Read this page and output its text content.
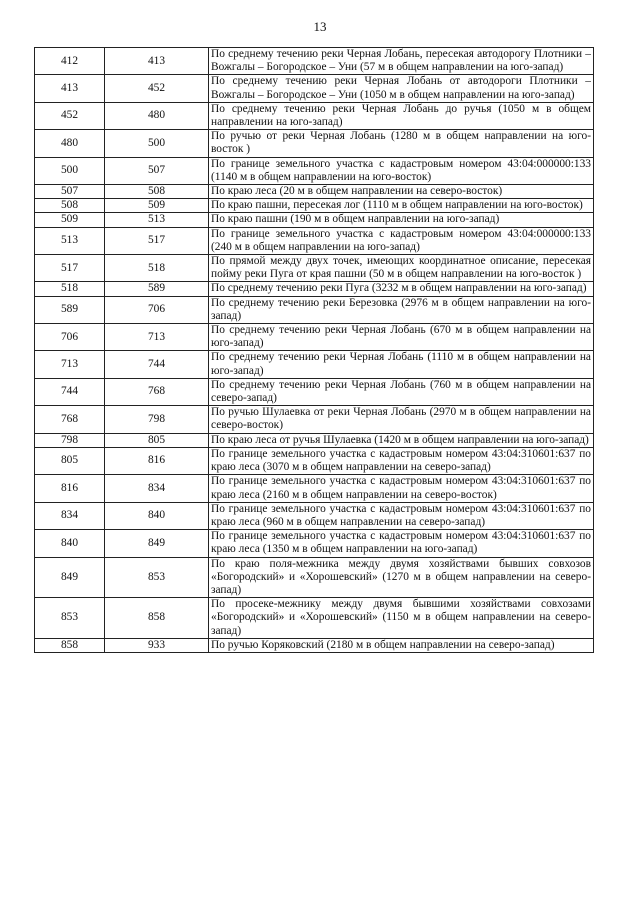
13
412	413	По среднему течению реки Черная Лобань, пересекая автодорогу Плотники – Вожгалы – Богородское – Уни (57 м в общем направлении на юго-запад)
413	452	По среднему течению реки Черная Лобань от автодороги Плотники – Вожгалы – Богородское – Уни (1050 м в общем направлении на юго-запад)
452	480	По среднему течению реки Черная Лобань до ручья (1050 м в общем направлении на юго-запад)
480	500	По ручью от реки Черная Лобань (1280 м в общем направлении на юго-восток )
500	507	По границе земельного участка с кадастровым номером 43:04:000000:133 (1140 м в общем направлении на юго-восток)
507	508	По краю леса (20 м в общем направлении на северо-восток)
508	509	По краю пашни, пересекая лог (1110 м в общем направлении на юго-восток)
509	513	По краю пашни (190 м в общем направлении на юго-запад)
513	517	По границе земельного участка с кадастровым номером 43:04:000000:133 (240 м в общем направлении на юго-запад)
517	518	По прямой между двух точек, имеющих координатное описание, пересекая пойму реки Пуга от края пашни (50 м в общем направлении на юго-восток )
518	589	По среднему течению реки Пуга (3232 м в общем направлении на юго-запад)
589	706	По среднему течению реки Березовка (2976 м в общем направлении на юго-запад)
706	713	По среднему течению реки Черная Лобань (670 м в общем направлении на юго-запад)
713	744	По среднему течению реки Черная Лобань (1110 м в общем направлении на юго-запад)
744	768	По среднему течению реки Черная Лобань (760 м в общем направлении на северо-запад)
768	798	По ручью Шулаевка от реки Черная Лобань (2970 м в общем направлении на северо-восток)
798	805	По краю леса от ручья Шулаевка (1420 м в общем направлении на юго-запад)
805	816	По границе земельного участка с кадастровым номером 43:04:310601:637 по краю леса (3070 м в общем направлении на северо-запад)
816	834	По границе земельного участка с кадастровым номером 43:04:310601:637 по краю леса (2160 м в общем направлении на северо-восток)
834	840	По границе земельного участка с кадастровым номером 43:04:310601:637 по краю леса (960 м в общем направлении на северо-запад)
840	849	По границе земельного участка с кадастровым номером 43:04:310601:637 по краю леса (1350 м в общем направлении на юго-запад)
849	853	По краю поля-межника между двумя хозяйствами бывших совхозов «Богородский» и «Хорошевский» (1270 м в общем направлении на северо-запад)
853	858	По просеке-межнику между двумя бывшими хозяйствами совхозами «Богородский» и «Хорошевский» (1150 м в общем направлении на северо-запад)
858	933	По ручью Коряковский (2180 м в общем направлении на северо-запад)
